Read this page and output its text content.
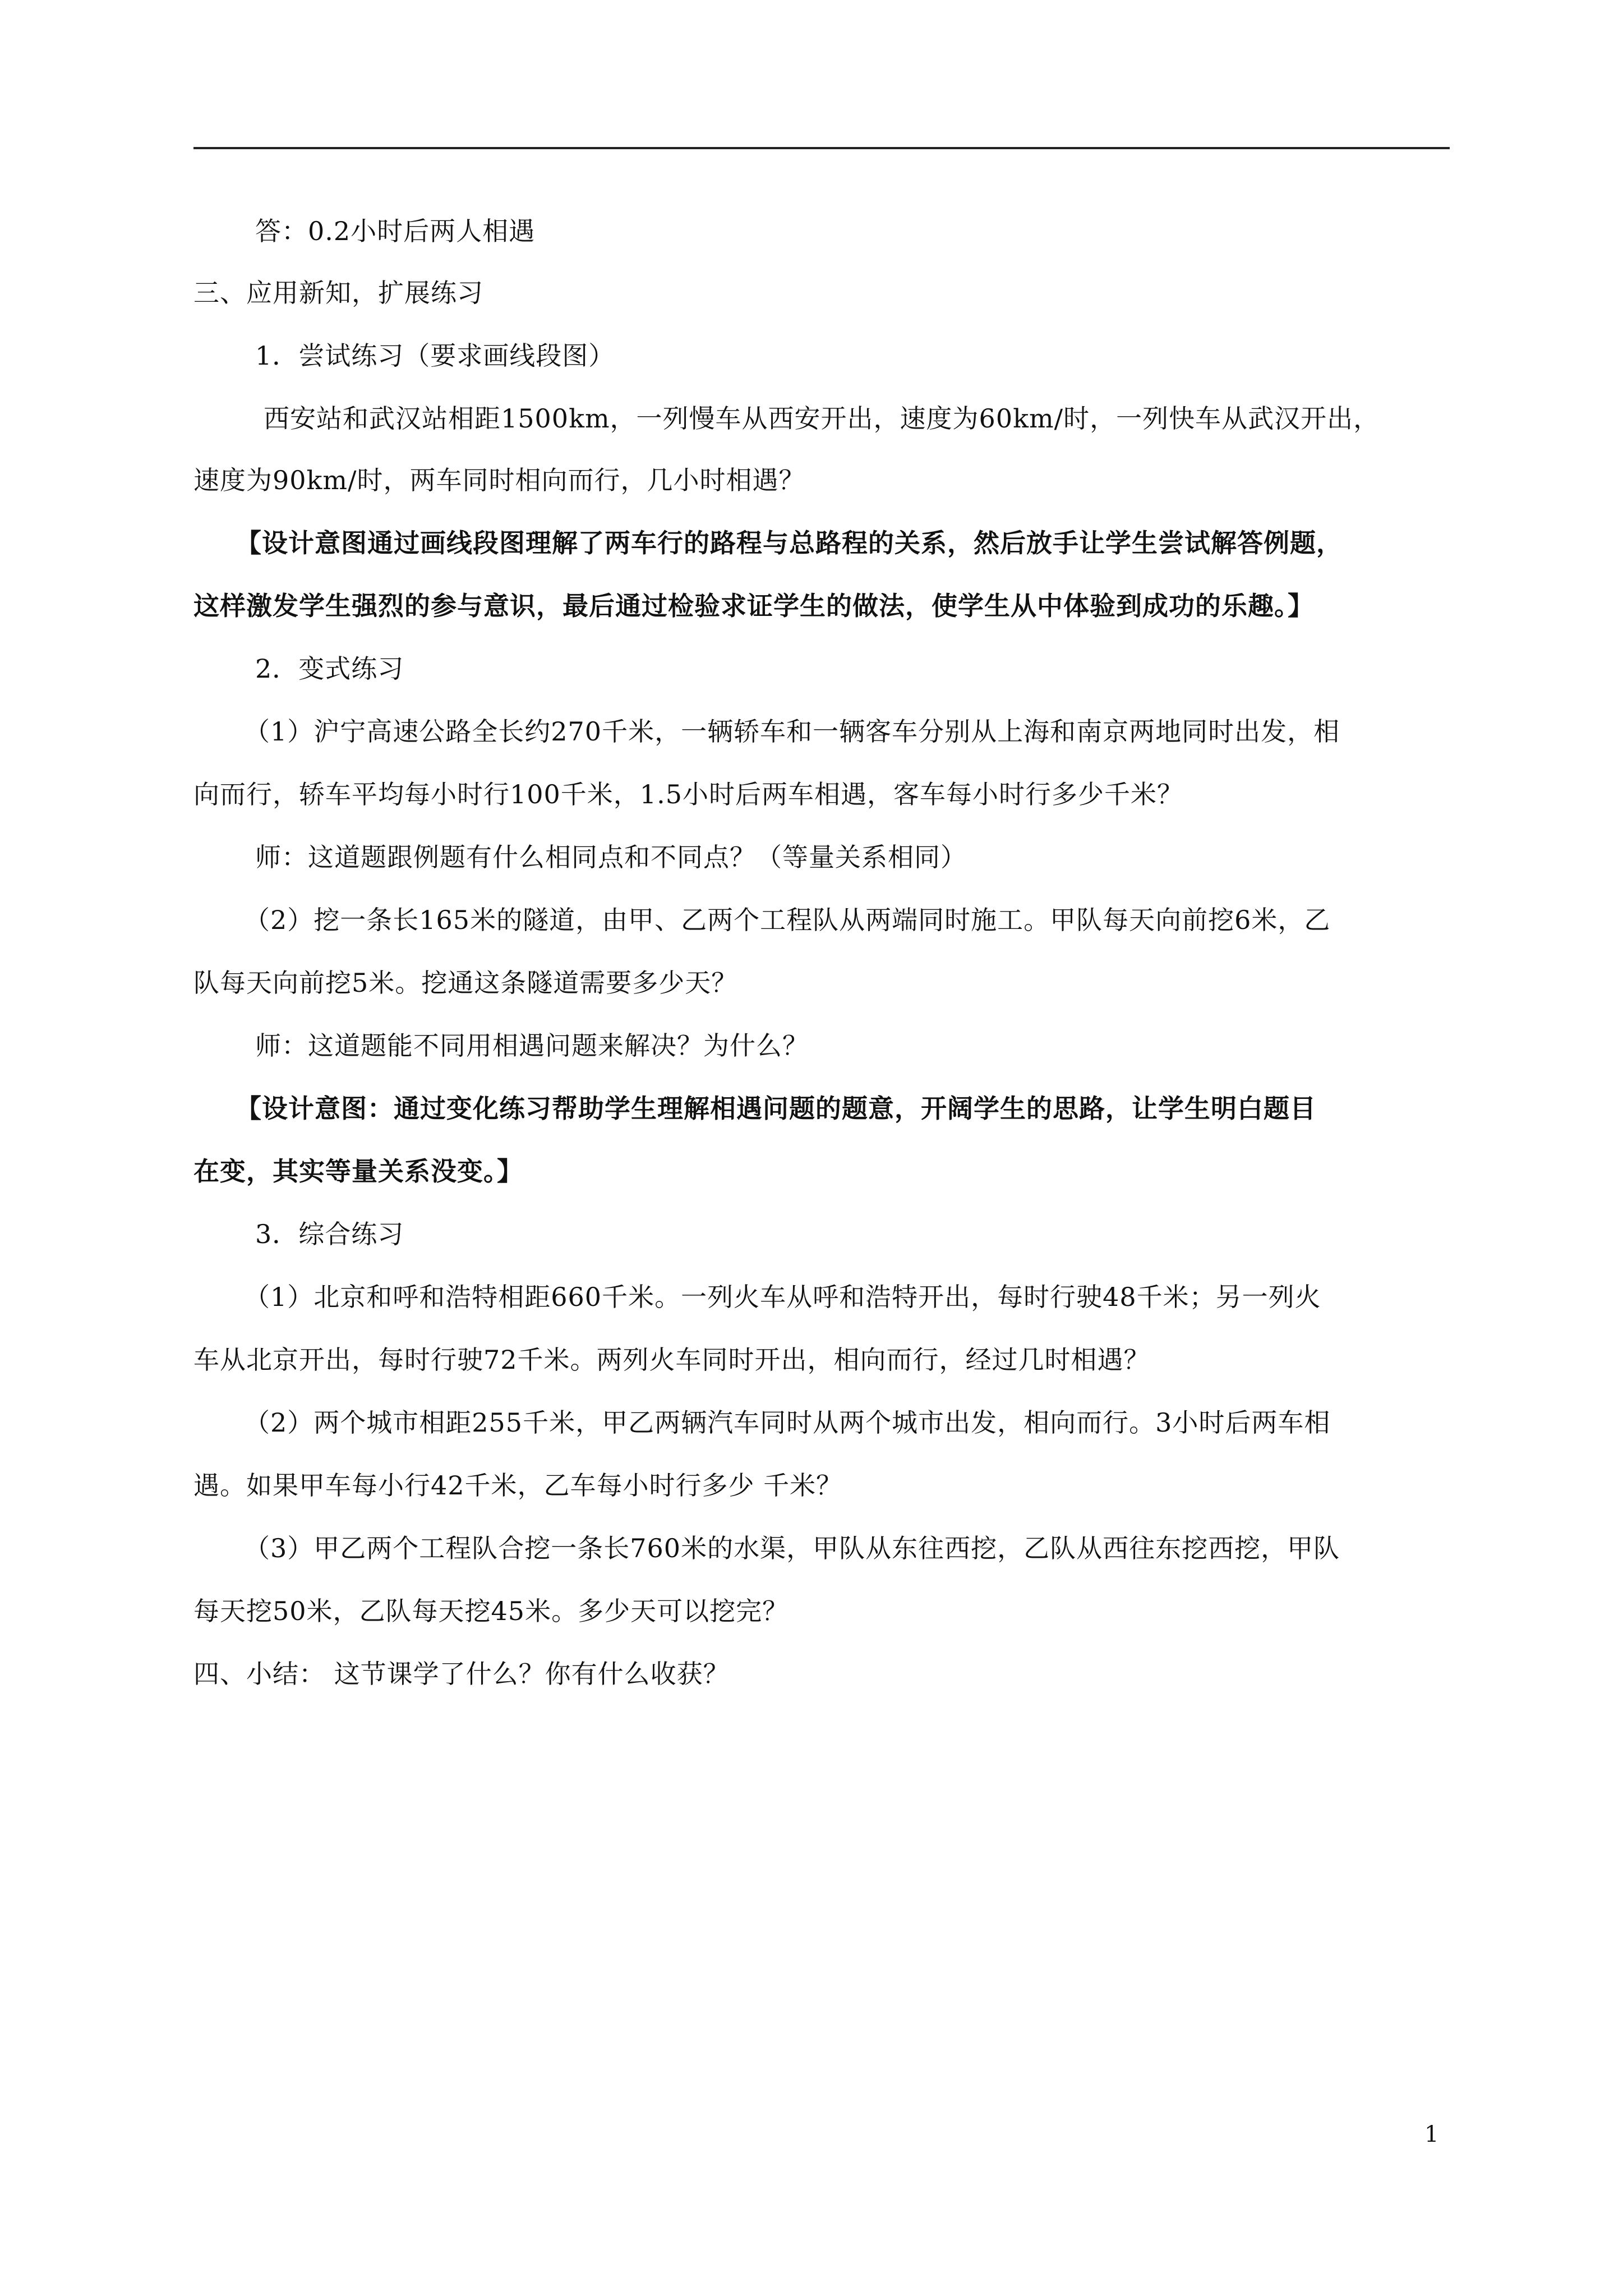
答：0.2小时后两人相遇

三、应用新知，扩展练习

1．尝试练习（要求画线段图）

西安站和武汉站相距1500km，一列慢车从西安开出，速度为60km/时，一列快车从武汉开出，

速度为90km/时，两车同时相向而行，几小时相遇？

【设计意图通过画线段图理解了两车行的路程与总路程的关系，然后放手让学生尝试解答例题，

这样激发学生强烈的参与意识，最后通过检验求证学生的做法，使学生从中体验到成功的乐趣。】

2．变式练习

（1）沪宁高速公路全长约270千米，一辆轿车和一辆客车分别从上海和南京两地同时出发，相

向而行，轿车平均每小时行100千米，1.5小时后两车相遇，客车每小时行多少千米？

师：这道题跟例题有什么相同点和不同点？（等量关系相同）

（2）挖一条长165米的隧道，由甲、乙两个工程队从两端同时施工。甲队每天向前挖6米，乙

队每天向前挖5米。挖通这条隧道需要多少天？

师：这道题能不同用相遇问题来解决？为什么？

【设计意图：通过变化练习帮助学生理解相遇问题的题意，开阔学生的思路，让学生明白题目

在变，其实等量关系没变。】

3．综合练习

（1）北京和呼和浩特相距660千米。一列火车从呼和浩特开出，每时行驶48千米；另一列火

车从北京开出，每时行驶72千米。两列火车同时开出，相向而行，经过几时相遇？

（2）两个城市相距255千米，甲乙两辆汽车同时从两个城市出发，相向而行。3小时后两车相

遇。如果甲车每小行42千米，乙车每小时行多少 千米？

（3）甲乙两个工程队合挖一条长760米的水渠，甲队从东往西挖，乙队从西往东挖西挖，甲队

每天挖50米，乙队每天挖45米。多少天可以挖完？

四、小结： 这节课学了什么？你有什么收获？

1
